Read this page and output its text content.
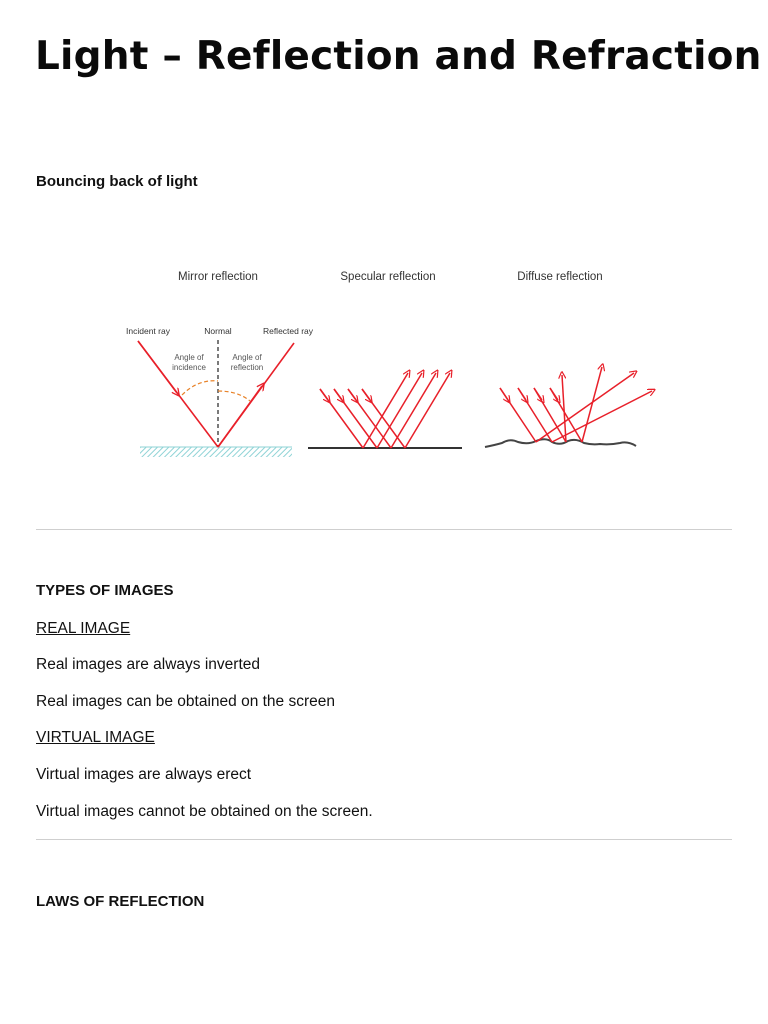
Light – Reflection and Refraction
Bouncing back of light
Mirror reflection	Specular reflection	Diffuse reflection
Incident ray	Normal	Reflected ray
Angle of
incidence
Angle of
reflection
TYPES OF IMAGES
REAL IMAGE
Real images are always inverted
Real images can be obtained on the screen
VIRTUAL IMAGE
Virtual images are always erect
Virtual images cannot be obtained on the screen.
LAWS OF REFLECTION
